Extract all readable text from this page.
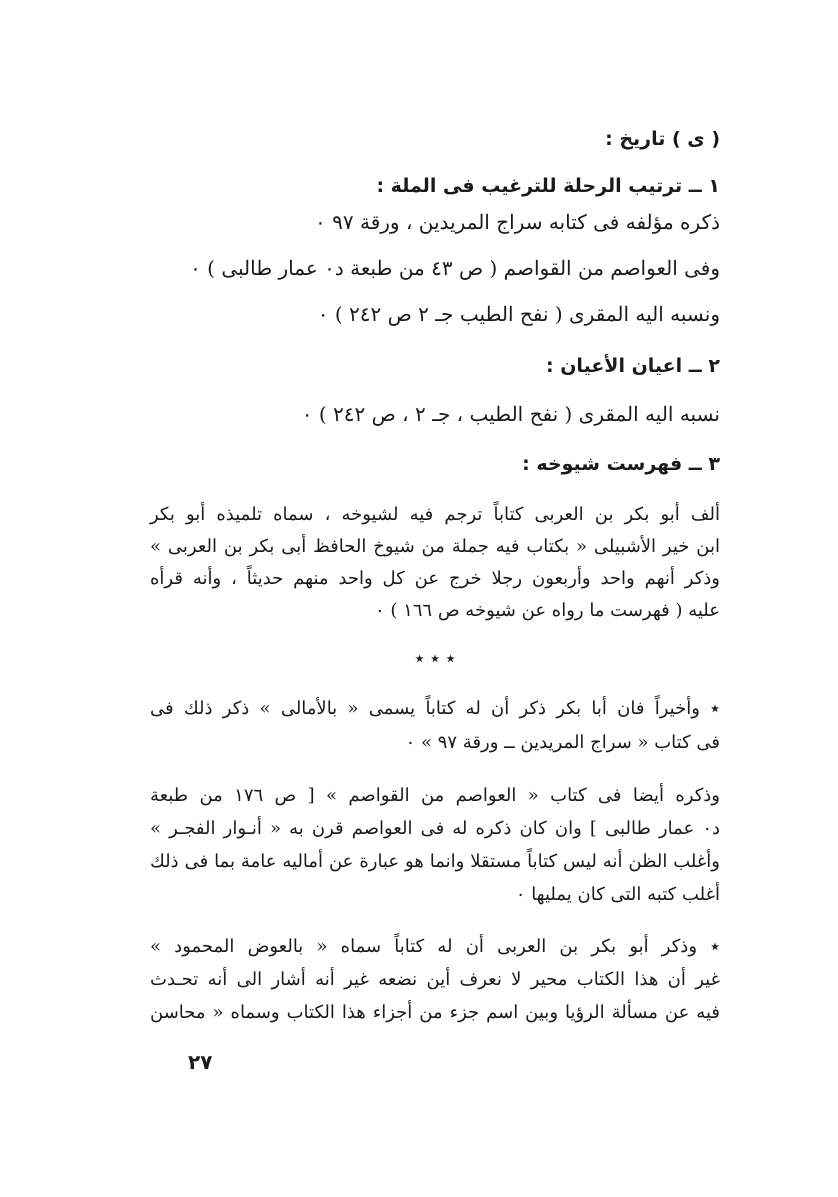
( ى ) تاريخ :
١ ــ ترتيب الرحلة للترغيب فى الملة :
ذكره مؤلفه فى كتابه سراج المريدين ، ورقة ٩٧ ٠
وفى العواصم من القواصم ( ص ٤٣ من طبعة د٠ عمار طالبى ) ٠
ونسبه اليه المقرى ( نفح الطيب جـ ٢ ص ٢٤٢ ) ٠
٢ ــ اعيان الأعيان :
نسبه اليه المقرى ( نفح الطيب ، جـ ٢ ، ص ٢٤٢ ) ٠
٣ ــ فهرست شيوخه :
ألف أبو بكر بن العربى كتاباً ترجم فيه لشيوخه ، سماه تلميذه أبو بكر
ابن خير الأشبيلى « بكتاب فيه جملة من شيوخ الحافظ أبى بكر بن العربى »
وذكر أنهم واحد وأربعون رجلا خرج عن كل واحد منهم حديثاً ، وأنه قرأه
عليه ( فهرست ما رواه عن شيوخه ص ١٦٦ ) ٠
٭ ٭ ٭
٭ وأخيراً فان أبا بكر ذكر أن له كتاباً يسمى « بالأمالى » ذكر ذلك فى
فى كتاب « سراج المريدين ــ ورقة ٩٧ » ٠
وذكره أيضا فى كتاب « العواصم من القواصم » [ ص ١٧٦ من طبعة
د٠ عمار طالبى ] وان كان ذكره له فى العواصم قرن به « أنـوار الفجـر »
وأغلب الظن أنه ليس كتاباً مستقلا وانما هو عبارة عن أماليه عامة بما فى ذلك
أغلب كتبه التى كان يمليها ٠
٭ وذكر أبو بكر بن العربى أن له كتاباً سماه « بالعوض المحمود »
غير أن هذا الكتاب محير لا نعرف أين نضعه غير أنه أشار الى أنه تحـدث
فيه عن مسألة الرؤيا وبين اسم جزء من أجزاء هذا الكتاب وسماه « محاسن
٢٧
